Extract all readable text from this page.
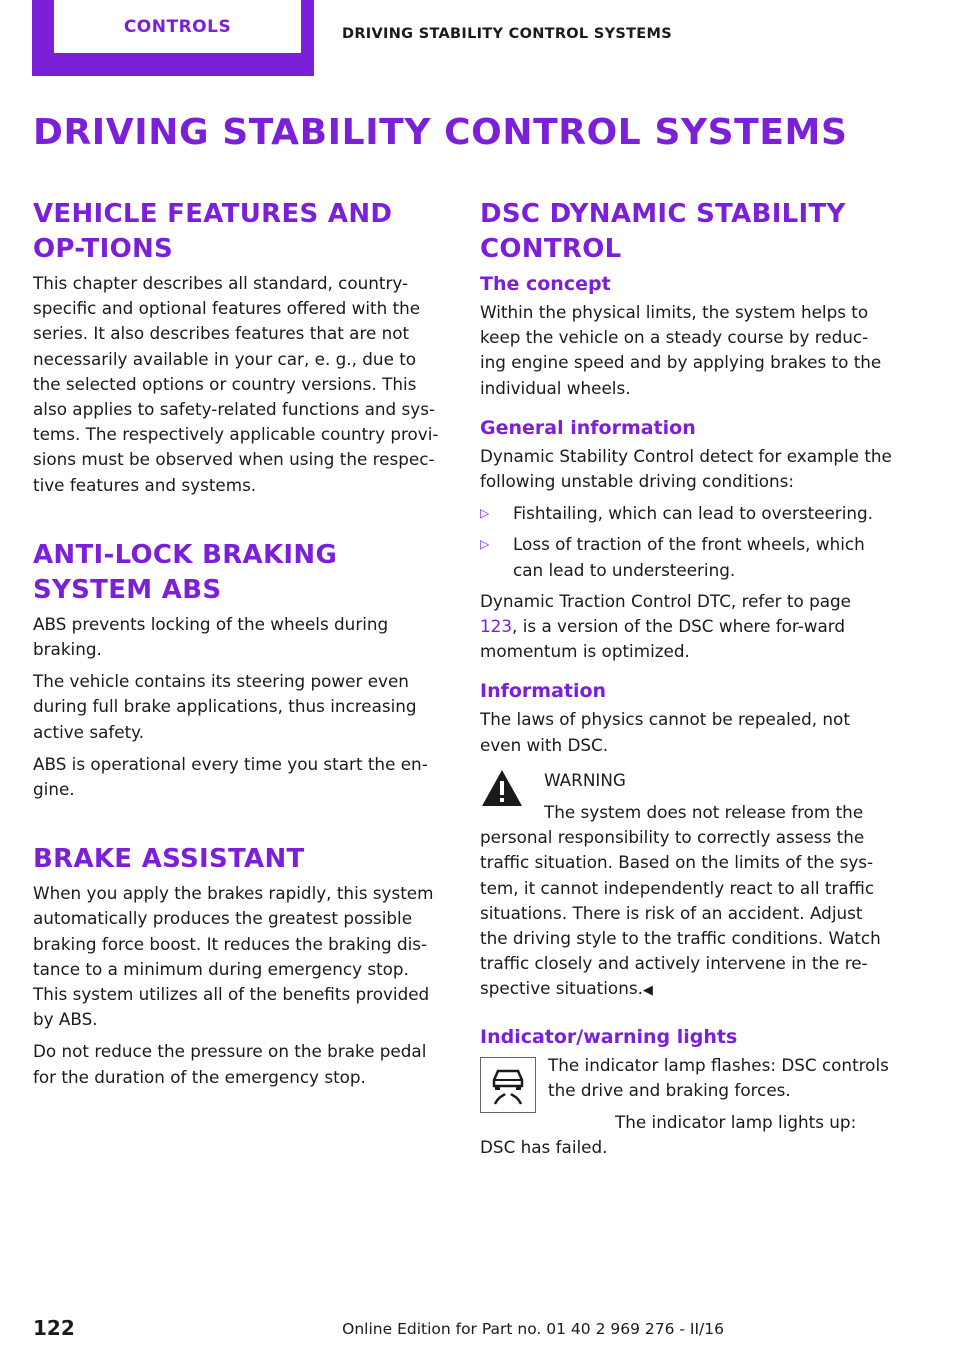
CONTROLS	DRIVING STABILITY CONTROL SYSTEMS
DRIVING STABILITY CONTROL SYSTEMS
VEHICLE FEATURES AND OP-TIONS

This chapter describes all standard, country-specific and optional features offered with the series. It also describes features that are not necessarily available in your car, e. g., due to the selected options or country versions. This also applies to safety-related functions and sys-tems. The respectively applicable country provi-sions must be observed when using the respec-tive features and systems.

ANTI-LOCK BRAKING SYSTEM ABS

ABS prevents locking of the wheels during braking.

The vehicle contains its steering power even during full brake applications, thus increasing active safety.

ABS is operational every time you start the en-gine.

BRAKE ASSISTANT

When you apply the brakes rapidly, this system automatically produces the greatest possible braking force boost. It reduces the braking dis-tance to a minimum during emergency stop. This system utilizes all of the benefits provided by ABS.

Do not reduce the pressure on the brake pedal for the duration of the emergency stop.

DSC DYNAMIC STABILITY CONTROL
The concept

Within the physical limits, the system helps to keep the vehicle on a steady course by reduc-ing engine speed and by applying brakes to the individual wheels.

General information

Dynamic Stability Control detect for example the following unstable driving conditions:

▷ Fishtailing, which can lead to oversteering.
▷ Loss of traction of the front wheels, which can lead to understeering.

Dynamic Traction Control DTC, refer to page 123, is a version of the DSC where for-ward momentum is optimized.

Information

The laws of physics cannot be repealed, not even with DSC.

WARNING

The system does not release from the personal responsibility to correctly assess the traffic situation. Based on the limits of the sys-tem, it cannot independently react to all traffic situations. There is risk of an accident. Adjust the driving style to the traffic conditions. Watch traffic closely and actively intervene in the re-spective situations.◀

Indicator/warning lights

The indicator lamp flashes: DSC controls the drive and braking forces.

The indicator lamp lights up: DSC has failed.

122	Online Edition for Part no. 01 40 2 969 276 - II/16
